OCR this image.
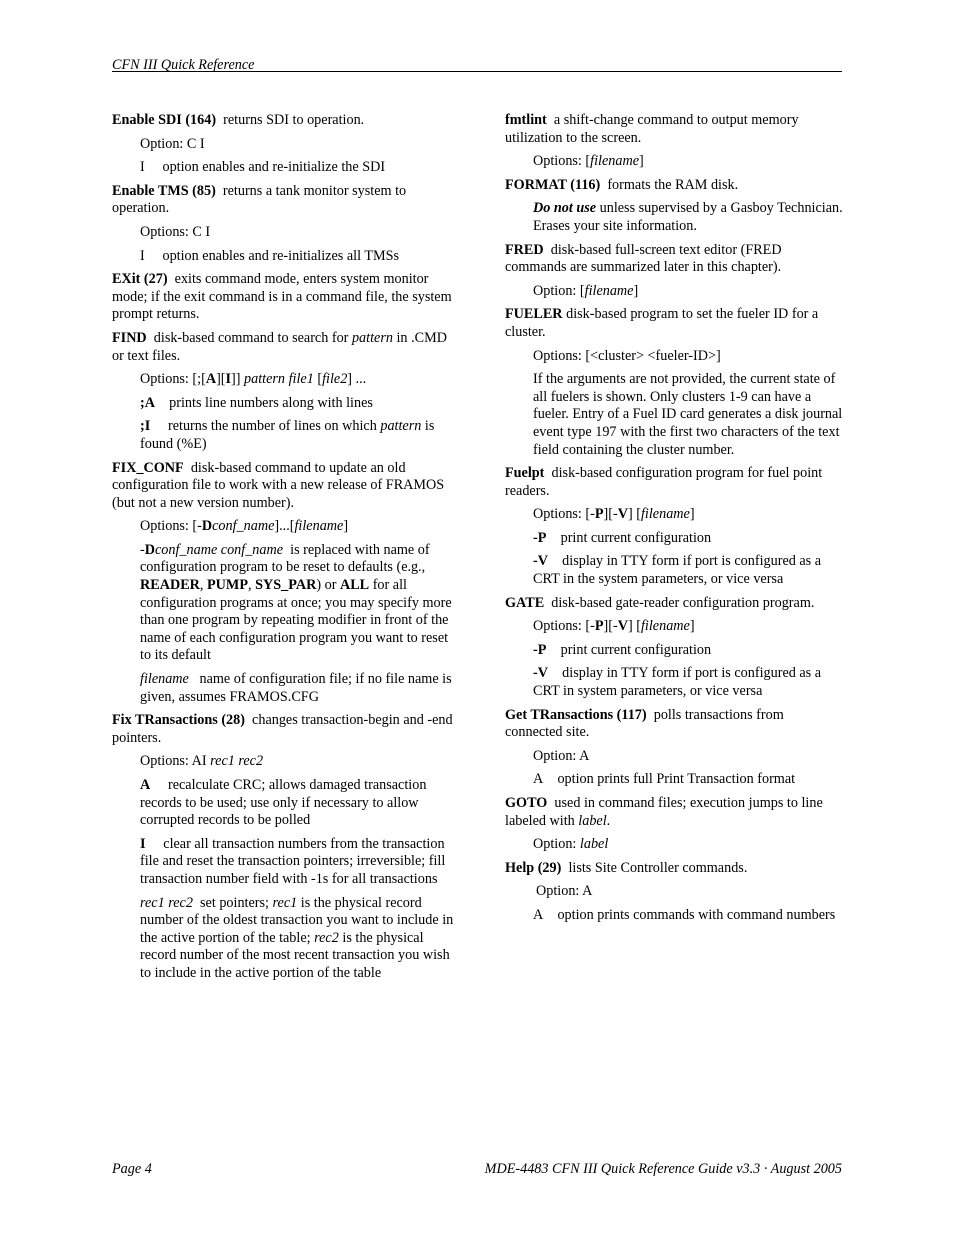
CFN III Quick Reference

Enable SDI (164) returns SDI to operation.

Option: C I

I option enables and re-initialize the SDI

Enable TMS (85) returns a tank monitor system to operation.

Options: C I

I option enables and re-initializes all TMSs

EXit (27) exits command mode, enters system monitor mode; if the exit command is in a command file, the system prompt returns.

FIND disk-based command to search for pattern in .CMD or text files.

Options: [;[A][I]] pattern file1 [file2] ...

;A prints line numbers along with lines

;I returns the number of lines on which pattern is found (%E)

FIX_CONF disk-based command to update an old configuration file to work with a new release of FRAMOS (but not a new version number).

Options: [-Dconf_name]...[filename]

-Dconf_name conf_name is replaced with name of configuration program to be reset to defaults (e.g., READER, PUMP, SYS_PAR) or ALL for all configuration programs at once; you may specify more than one program by repeating modifier in front of the name of each configuration program you want to reset to its default

filename name of configuration file; if no file name is given, assumes FRAMOS.CFG

Fix TRansactions (28) changes transaction-begin and -end pointers.

Options: AI rec1 rec2

A recalculate CRC; allows damaged transaction records to be used; use only if necessary to allow corrupted records to be polled

I clear all transaction numbers from the transaction file and reset the transaction pointers; irreversible; fill transaction number field with -1s for all transactions

rec1 rec2 set pointers; rec1 is the physical record number of the oldest transaction you want to include in the active portion of the table; rec2 is the physical record number of the most recent transaction you wish to include in the active portion of the table

fmtlint a shift-change command to output memory utilization to the screen.

Options: [filename]

FORMAT (116) formats the RAM disk.

Do not use unless supervised by a Gasboy Technician. Erases your site information.

FRED disk-based full-screen text editor (FRED commands are summarized later in this chapter).

Option: [filename]

FUELER disk-based program to set the fueler ID for a cluster.

Options: [<cluster> <fueler-ID>]

If the arguments are not provided, the current state of all fuelers is shown. Only clusters 1-9 can have a fueler. Entry of a Fuel ID card generates a disk journal event type 197 with the first two characters of the text field containing the cluster number.

Fuelpt disk-based configuration program for fuel point readers.

Options: [-P][-V] [filename]

-P print current configuration

-V display in TTY form if port is configured as a CRT in the system parameters, or vice versa

GATE disk-based gate-reader configuration program.

Options: [-P][-V] [filename]

-P print current configuration

-V display in TTY form if port is configured as a CRT in system parameters, or vice versa

Get TRansactions (117) polls transactions from connected site.

Option: A

A option prints full Print Transaction format

GOTO used in command files; execution jumps to line labeled with label.

Option: label

Help (29) lists Site Controller commands.

Option: A

A option prints commands with command numbers

Page 4	MDE-4483 CFN III Quick Reference Guide v3.3 · August 2005
